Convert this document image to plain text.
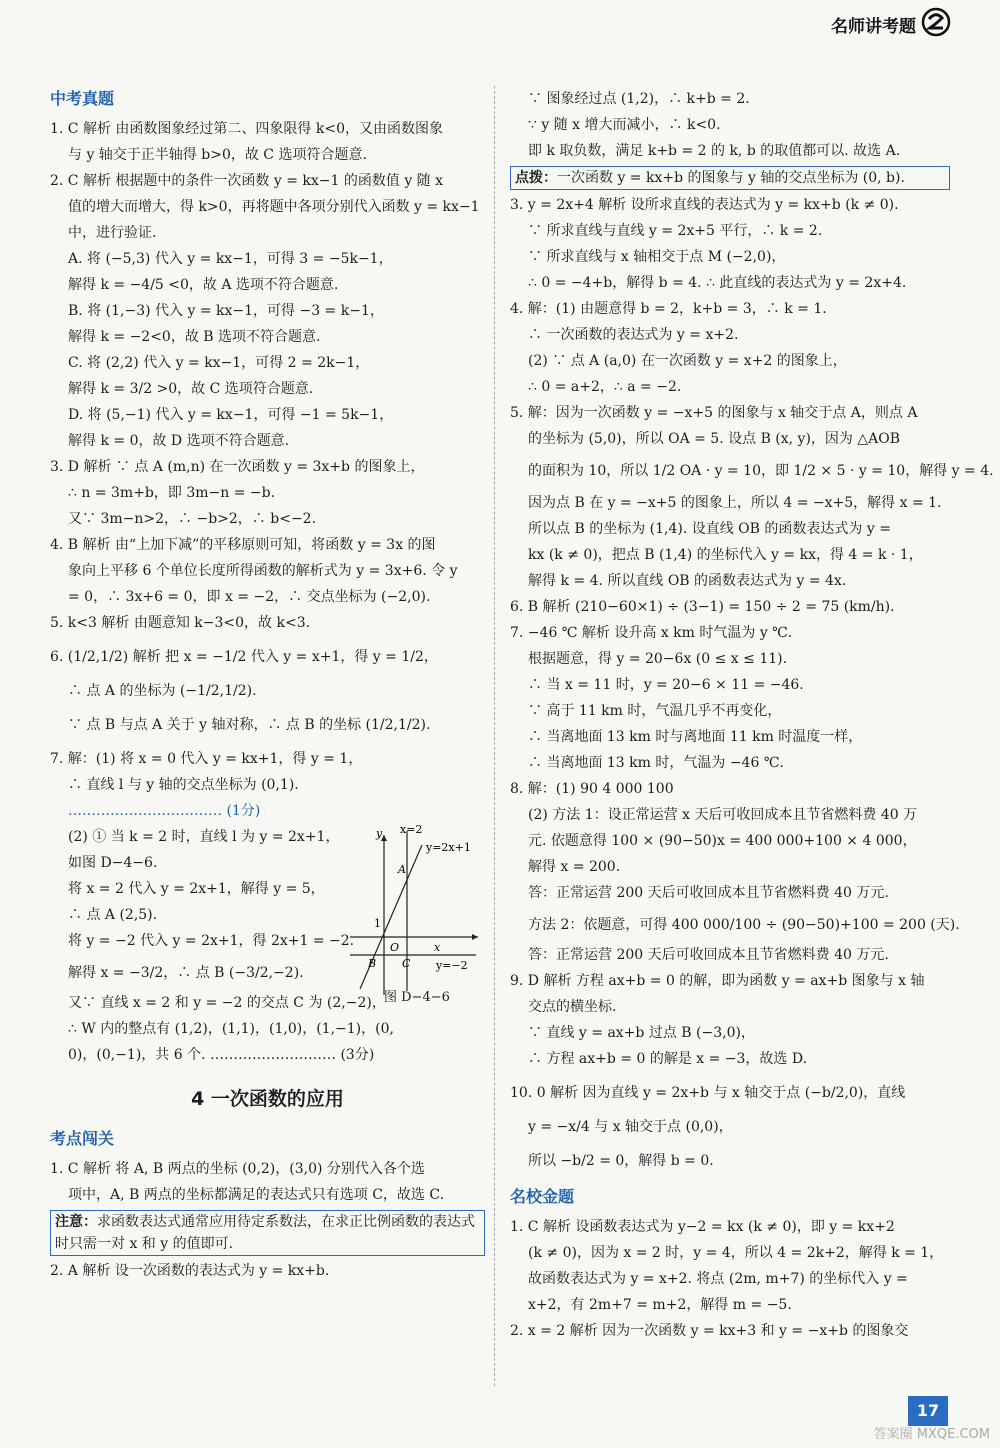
名师讲考题
中考真题
1. C 解析 由函数图象经过第二、四象限得 k<0，又由函数图象
与 y 轴交于正半轴得 b>0，故 C 选项符合题意.
2. C 解析 根据题中的条件一次函数 y = kx−1 的函数值 y 随 x
值的增大而增大，得 k>0，再将题中各项分别代入函数 y = kx−1
中，进行验证.
A. 将 (−5,3) 代入 y = kx−1，可得 3 = −5k−1，
解得 k = −4/5 <0，故 A 选项不符合题意.
B. 将 (1,−3) 代入 y = kx−1，可得 −3 = k−1，
解得 k = −2<0，故 B 选项不符合题意.
C. 将 (2,2) 代入 y = kx−1，可得 2 = 2k−1，
解得 k = 3/2 >0，故 C 选项符合题意.
D. 将 (5,−1) 代入 y = kx−1，可得 −1 = 5k−1，
解得 k = 0，故 D 选项不符合题意.
3. D 解析 ∵ 点 A (m,n) 在一次函数 y = 3x+b 的图象上，
∴ n = 3m+b，即 3m−n = −b.
又∵ 3m−n>2，∴ −b>2，∴ b<−2.
4. B 解析 由“上加下减”的平移原则可知，将函数 y = 3x 的图
象向上平移 6 个单位长度所得函数的解析式为 y = 3x+6. 令 y
= 0，∴ 3x+6 = 0，即 x = −2，∴ 交点坐标为 (−2,0).
5. k<3 解析 由题意知 k−3<0，故 k<3.
6. (1/2,1/2) 解析 把 x = −1/2 代入 y = x+1，得 y = 1/2，
∴ 点 A 的坐标为 (−1/2,1/2).
∵ 点 B 与点 A 关于 y 轴对称，∴ 点 B 的坐标 (1/2,1/2).
7. 解：(1) 将 x = 0 代入 y = kx+1，得 y = 1，
∴ 直线 l 与 y 轴的交点坐标为 (0,1).
…………………………… (1分)
(2) ① 当 k = 2 时，直线 l 为 y = 2x+1，
如图 D−4−6.
将 x = 2 代入 y = 2x+1，解得 y = 5，
∴ 点 A (2,5).
将 y = −2 代入 y = 2x+1，得 2x+1 = −2.
解得 x = −3/2，∴ 点 B (−3/2,−2).
又∵ 直线 x = 2 和 y = −2 的交点 C 为 (2,−2)，
∴ W 内的整点有 (1,2)，(1,1)，(1,0)，(1,−1)，(0,
0)，(0,−1)，共 6 个. ……………………… (3分)
4 一次函数的应用
考点闯关
1. C 解析 将 A, B 两点的坐标 (0,2)，(3,0) 分别代入各个选
项中，A, B 两点的坐标都满足的表达式只有选项 C，故选 C.
注意：求函数表达式通常应用待定系数法，在求正比例函数的表达式时只需一对 x 和 y 的值即可.
2. A 解析 设一次函数的表达式为 y = kx+b.
x=2
y=2x+1
y=−2
A
B C
O
1
x
y
图 D−4−6
∵ 图象经过点 (1,2)，∴ k+b = 2.
∵ y 随 x 增大而减小，∴ k<0.
即 k 取负数，满足 k+b = 2 的 k, b 的取值都可以. 故选 A.
点拨：一次函数 y = kx+b 的图象与 y 轴的交点坐标为 (0, b).
3. y = 2x+4 解析 设所求直线的表达式为 y = kx+b (k ≠ 0).
∵ 所求直线与直线 y = 2x+5 平行，∴ k = 2.
∵ 所求直线与 x 轴相交于点 M (−2,0)，
∴ 0 = −4+b，解得 b = 4. ∴ 此直线的表达式为 y = 2x+4.
4. 解：(1) 由题意得 b = 2，k+b = 3，∴ k = 1.
∴ 一次函数的表达式为 y = x+2.
(2) ∵ 点 A (a,0) 在一次函数 y = x+2 的图象上，
∴ 0 = a+2，∴ a = −2.
5. 解：因为一次函数 y = −x+5 的图象与 x 轴交于点 A，则点 A
的坐标为 (5,0)，所以 OA = 5. 设点 B (x, y)，因为 △AOB
的面积为 10，所以 1/2 OA · y = 10，即 1/2 × 5 · y = 10，解得 y = 4.
因为点 B 在 y = −x+5 的图象上，所以 4 = −x+5，解得 x = 1.
所以点 B 的坐标为 (1,4). 设直线 OB 的函数表达式为 y =
kx (k ≠ 0)，把点 B (1,4) 的坐标代入 y = kx，得 4 = k · 1，
解得 k = 4. 所以直线 OB 的函数表达式为 y = 4x.
6. B 解析 (210−60×1) ÷ (3−1) = 150 ÷ 2 = 75 (km/h).
7. −46 ℃ 解析 设升高 x km 时气温为 y ℃.
根据题意，得 y = 20−6x (0 ≤ x ≤ 11).
∴ 当 x = 11 时，y = 20−6 × 11 = −46.
∵ 高于 11 km 时，气温几乎不再变化，
∴ 当离地面 13 km 时与离地面 11 km 时温度一样，
∴ 当离地面 13 km 时，气温为 −46 ℃.
8. 解：(1) 90 4 000 100
(2) 方法 1：设正常运营 x 天后可收回成本且节省燃料费 40 万
元. 依题意得 100 × (90−50)x = 400 000+100 × 4 000，
解得 x = 200.
答：正常运营 200 天后可收回成本且节省燃料费 40 万元.
方法 2：依题意，可得 400 000/100 ÷ (90−50)+100 = 200 (天).
答：正常运营 200 天后可收回成本且节省燃料费 40 万元.
9. D 解析 方程 ax+b = 0 的解，即为函数 y = ax+b 图象与 x 轴
交点的横坐标.
∵ 直线 y = ax+b 过点 B (−3,0)，
∴ 方程 ax+b = 0 的解是 x = −3，故选 D.
10. 0 解析 因为直线 y = 2x+b 与 x 轴交于点 (−b/2,0)，直线
y = −x/4 与 x 轴交于点 (0,0)，
所以 −b/2 = 0，解得 b = 0.
名校金题
1. C 解析 设函数表达式为 y−2 = kx (k ≠ 0)，即 y = kx+2
(k ≠ 0)，因为 x = 2 时，y = 4，所以 4 = 2k+2，解得 k = 1，
故函数表达式为 y = x+2. 将点 (2m, m+7) 的坐标代入 y =
x+2，有 2m+7 = m+2，解得 m = −5.
2. x = 2 解析 因为一次函数 y = kx+3 和 y = −x+b 的图象交
17
答案圈 MXQE.COM
